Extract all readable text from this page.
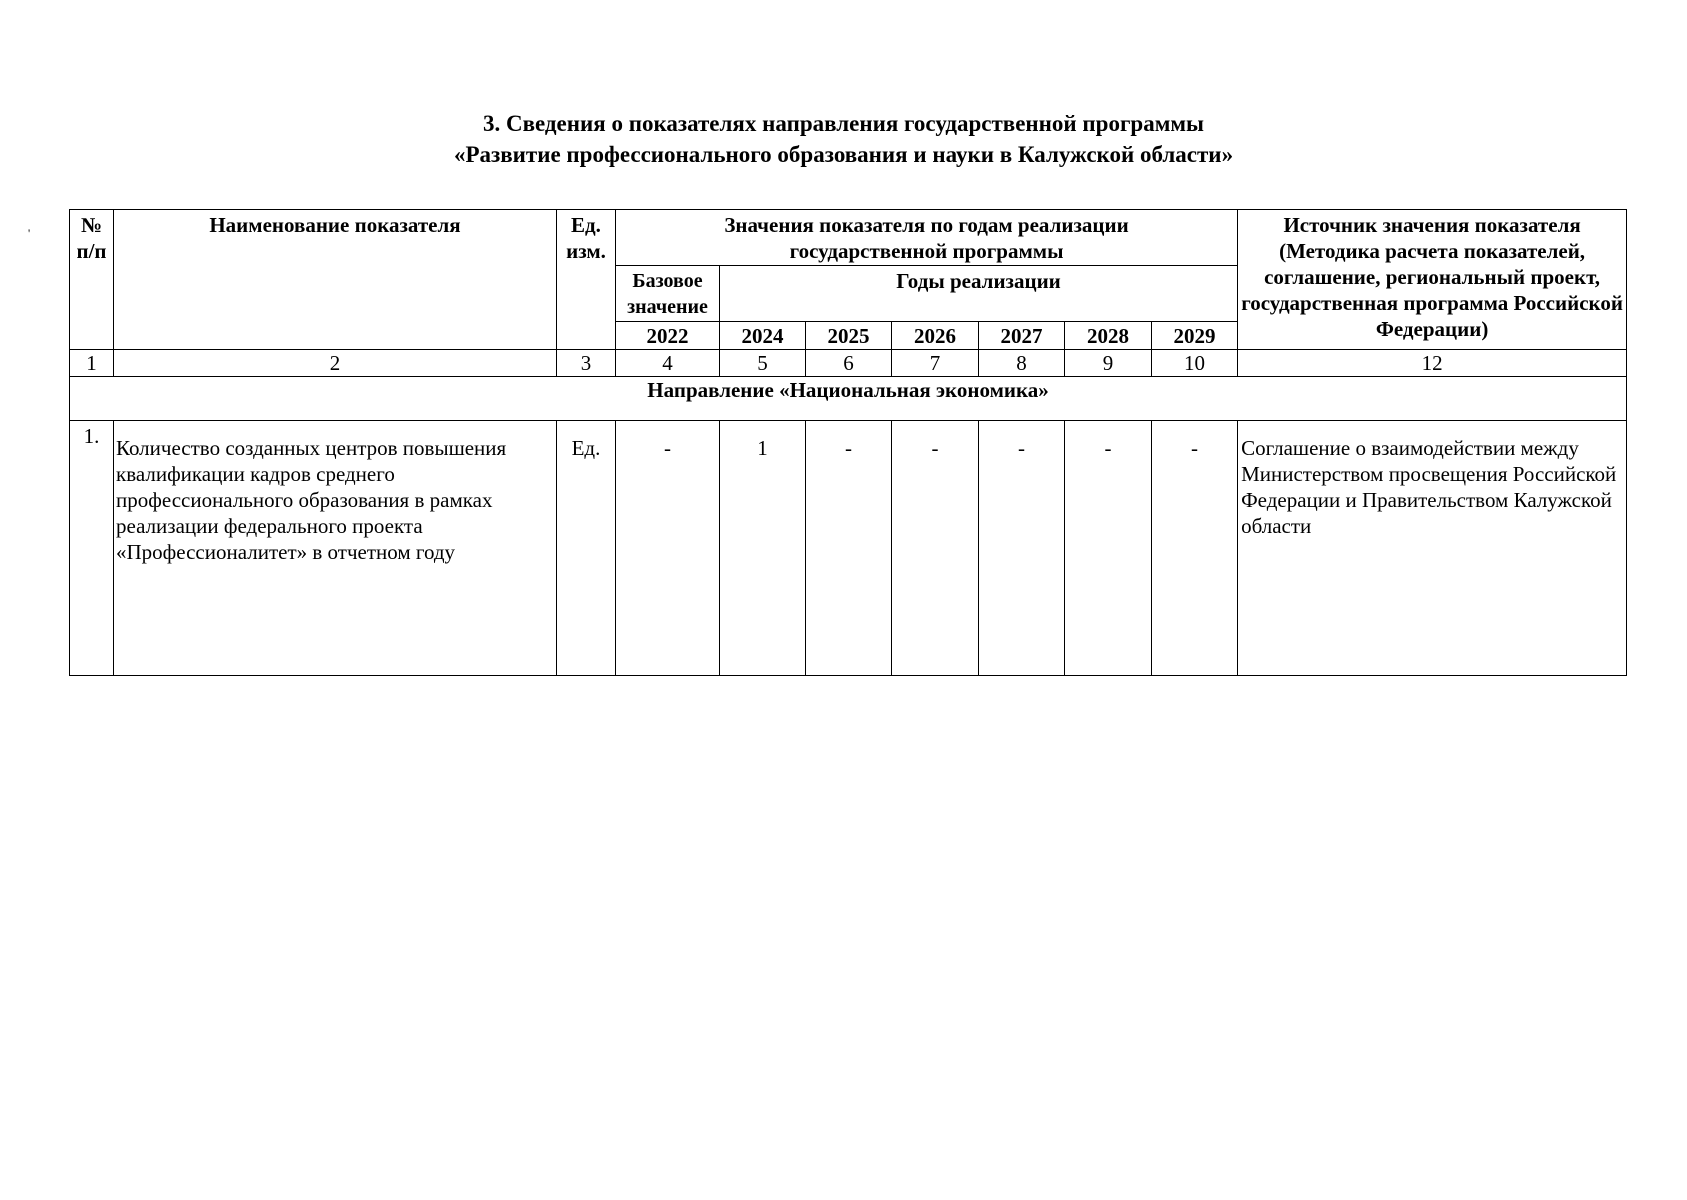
3. Сведения о показателях направления государственной программы
«Развитие профессионального образования и науки в Калужской области»
' № п/п	Наименование показателя	Ед. изм.	Значения показателя по годам реализации государственной программы							Источник значения показателя (Методика расчета показателей, соглашение, региональный проект, государственная программа Российской Федерации)
			Базовое значение	Годы реализации						
			2022	2024	2025	2026	2027	2028	2029	
1	2	3	4	5	6	7	8	9	10	12
Направление «Национальная экономика»										
1.	Количество созданных центров повышения квалификации кадров среднего профессионального образования в рамках реализации федерального проекта «Профессионалитет» в отчетном году	Ед.	-	1	-	-	-	-	-	Соглашение о взаимодействии между Министерством просвещения Российской Федерации и Правительством Калужской области
